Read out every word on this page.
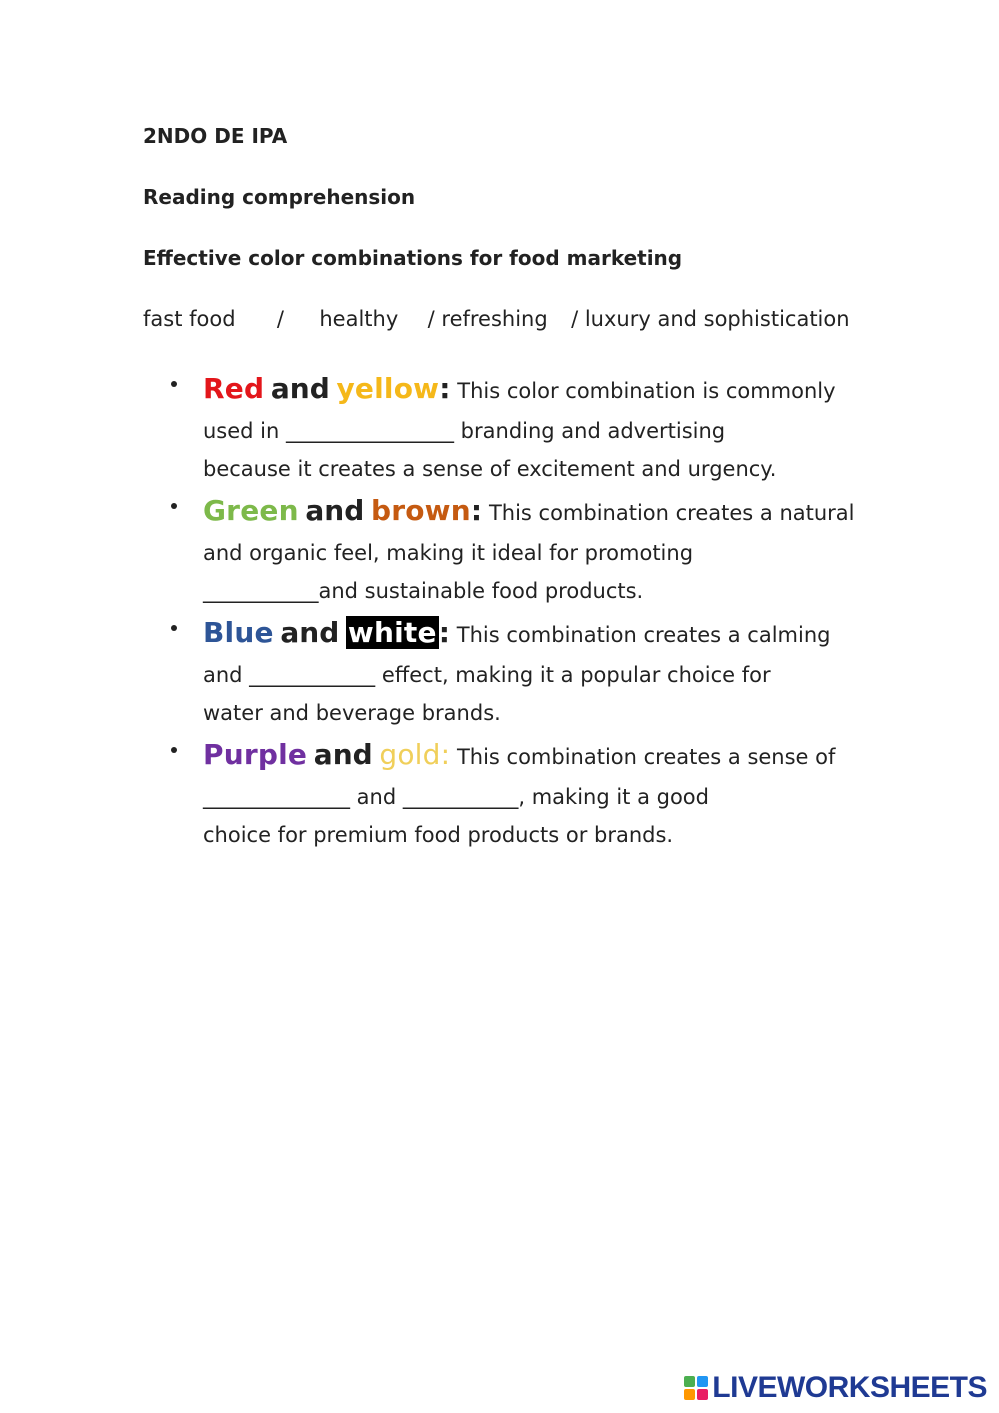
2NDO DE IPA
Reading comprehension
Effective color combinations for food marketing
fast food / healthy / refreshing / luxury and sophistication
Red and yellow: This color combination is commonly
used in ________________ branding and advertising
because it creates a sense of excitement and urgency.
Green and brown: This combination creates a natural
and organic feel, making it ideal for promoting
___________and sustainable food products.
Blue and white: This combination creates a calming
and ____________ effect, making it a popular choice for
water and beverage brands.
Purple and gold: This combination creates a sense of
______________ and ___________, making it a good
choice for premium food products or brands.
LIVEWORKSHEETS
